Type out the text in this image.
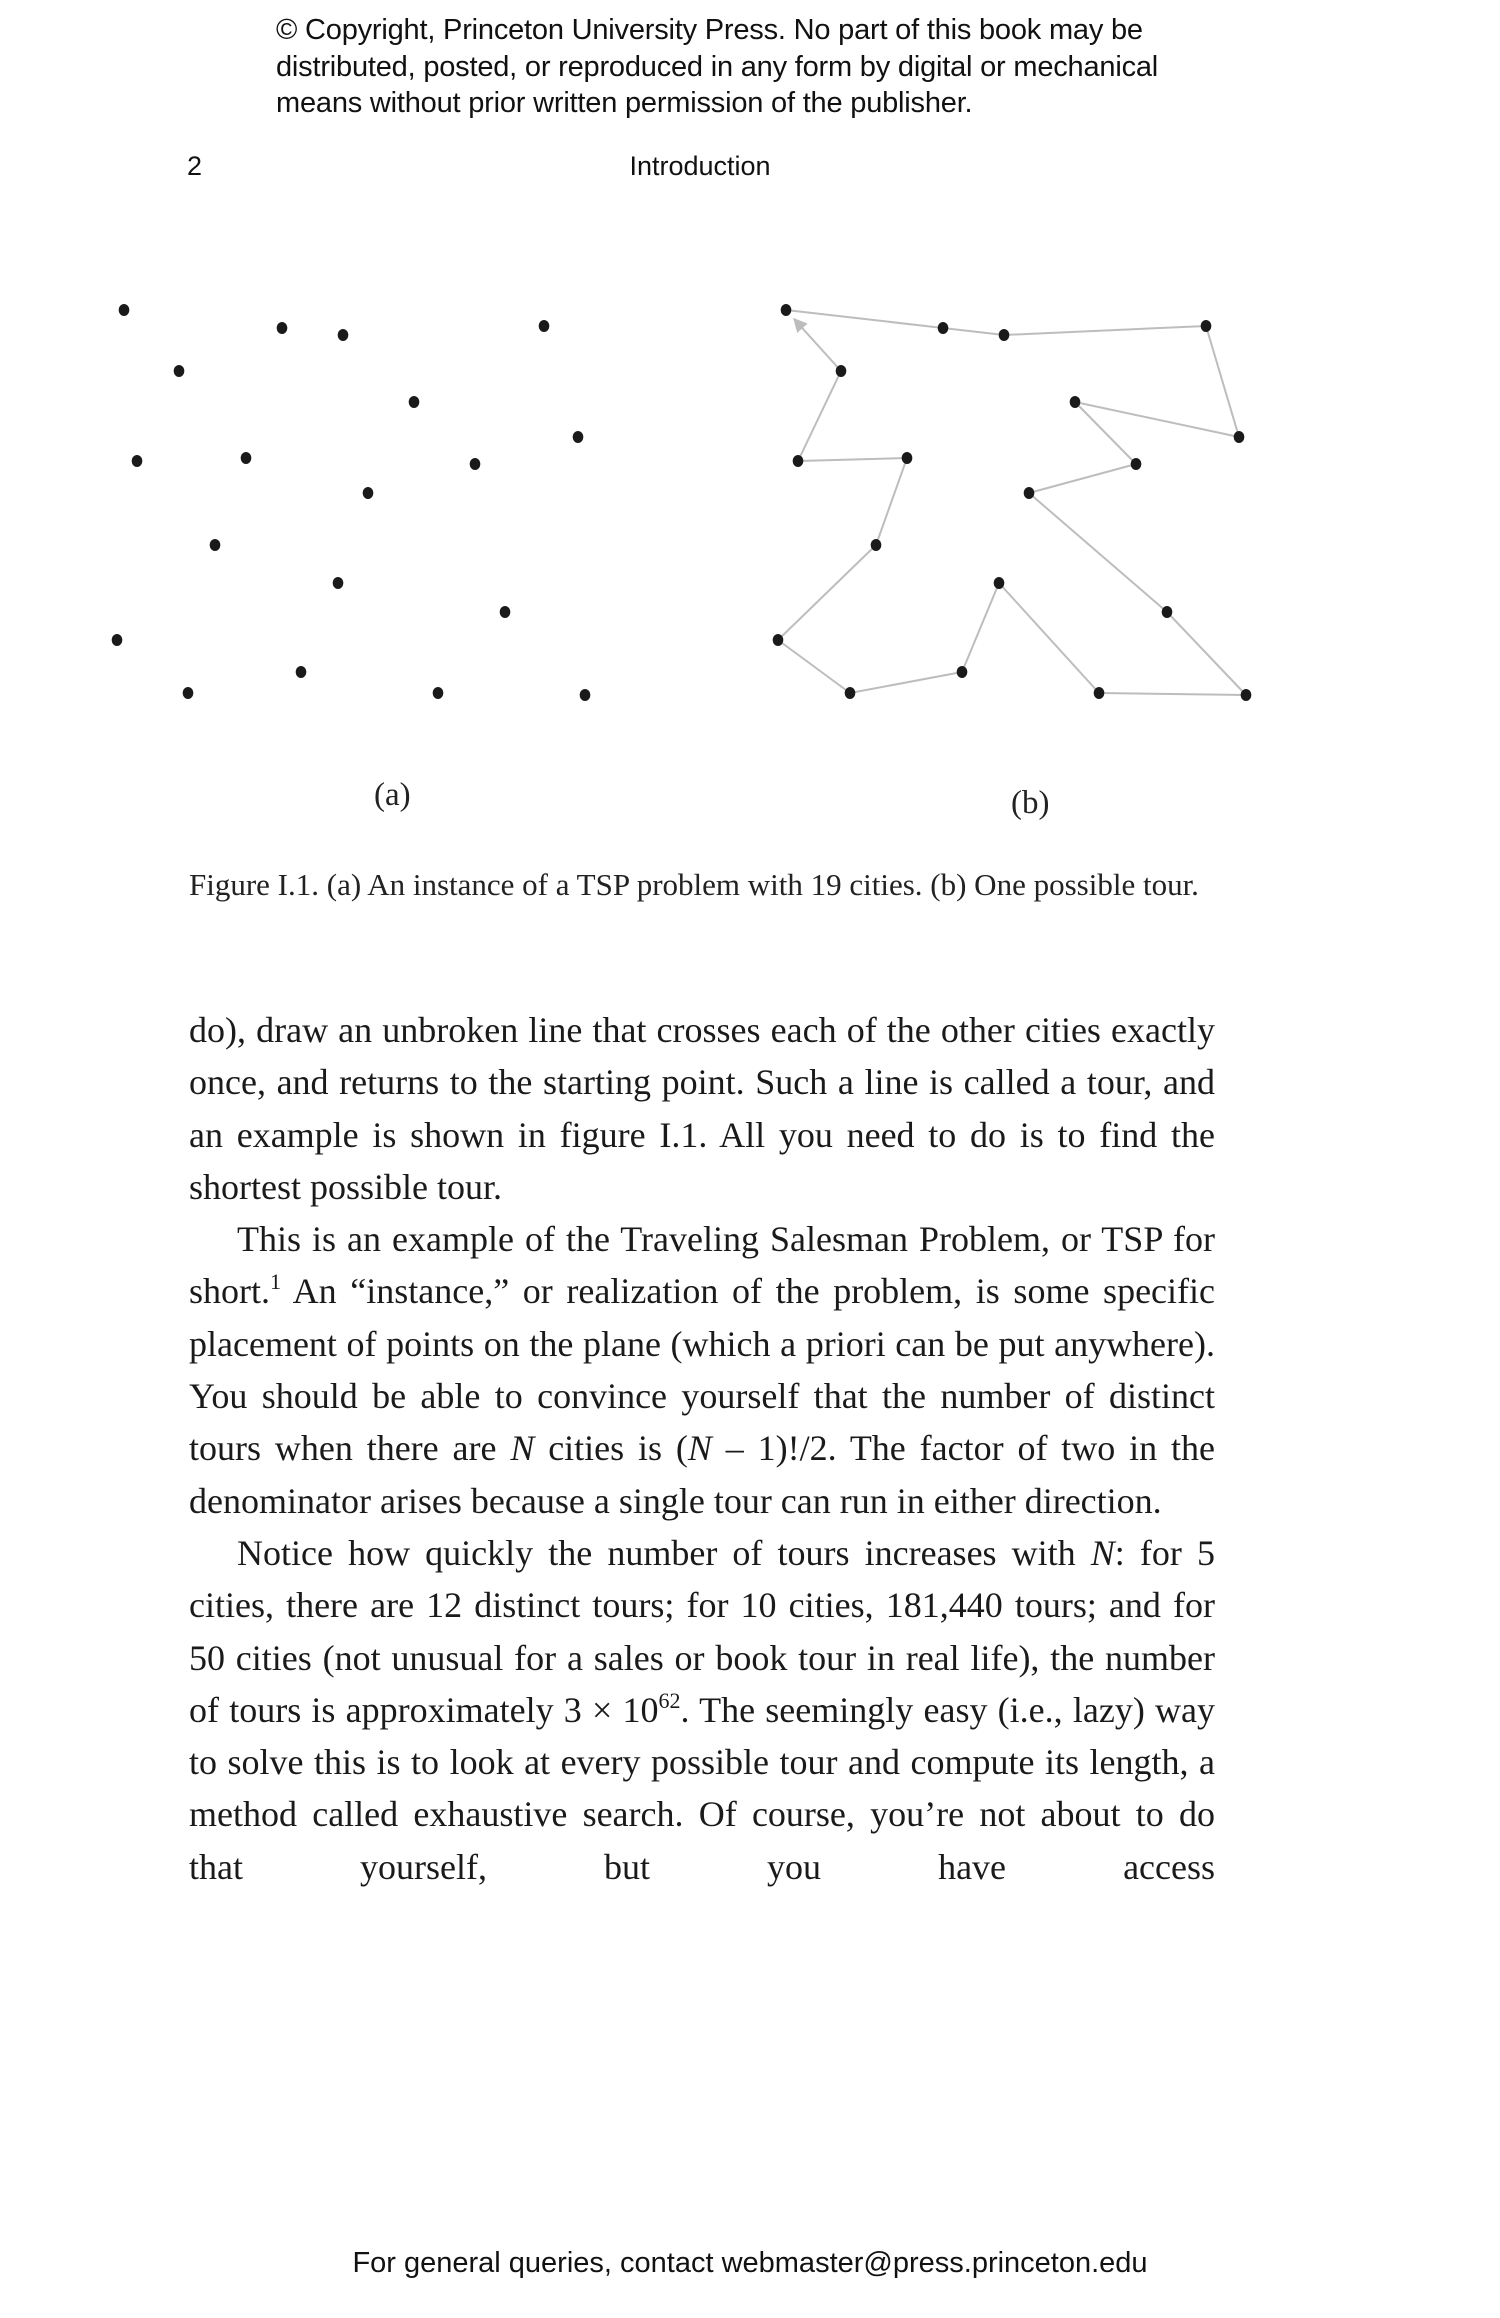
© Copyright, Princeton University Press. No part of this book may be
distributed, posted, or reproduced in any form by digital or mechanical
means without prior written permission of the publisher.
2	Introduction
(a)	(b)
Figure I.1. (a) An instance of a TSP problem with 19 cities. (b) One possible tour.

do), draw an unbroken line that crosses each of the other cities exactly once, and returns to the starting point. Such a line is called a tour, and an example is shown in figure I.1. All you need to do is to find the shortest possible tour.

This is an example of the Traveling Salesman Problem, or TSP for short.$^1$ An “instance,” or realization of the problem, is some specific placement of points on the plane (which a priori can be put anywhere). You should be able to convince yourself that the number of distinct tours when there are N cities is (N – 1)!/2. The factor of two in the denominator arises because a single tour can run in either direction.

Notice how quickly the number of tours increases with N: for 5 cities, there are 12 distinct tours; for 10 cities, 181,440 tours; and for 50 cities (not unusual for a sales or book tour in real life), the number of tours is approximately $3 \times 10^{62}$. The seemingly easy (i.e., lazy) way to solve this is to look at every possible tour and compute its length, a method called exhaustive search. Of course, you’re not about to do that yourself, but you have access

For general queries, contact webmaster@press.princeton.edu
